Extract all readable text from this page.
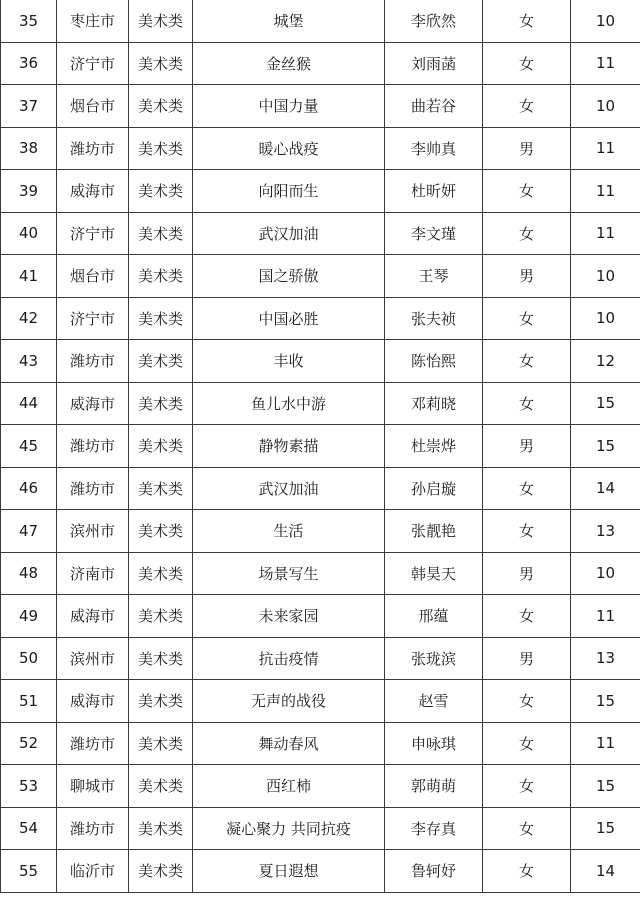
35	枣庄市	美术类	城堡	李欣然	女	10
36	济宁市	美术类	金丝猴	刘雨菡	女	11
37	烟台市	美术类	中国力量	曲若谷	女	10
38	潍坊市	美术类	暖心战疫	李帅真	男	11
39	威海市	美术类	向阳而生	杜昕妍	女	11
40	济宁市	美术类	武汉加油	李文瑾	女	11
41	烟台市	美术类	国之骄傲	王琴	男	10
42	济宁市	美术类	中国必胜	张夫祯	女	10
43	潍坊市	美术类	丰收	陈怡熙	女	12
44	威海市	美术类	鱼儿水中游	邓莉晓	女	15
45	潍坊市	美术类	静物素描	杜崇烨	男	15
46	潍坊市	美术类	武汉加油	孙启璇	女	14
47	滨州市	美术类	生活	张靓艳	女	13
48	济南市	美术类	场景写生	韩昊天	男	10
49	威海市	美术类	未来家园	邢蕴	女	11
50	滨州市	美术类	抗击疫情	张珑滨	男	13
51	威海市	美术类	无声的战役	赵雪	女	15
52	潍坊市	美术类	舞动春风	申咏琪	女	11
53	聊城市	美术类	西红柿	郭萌萌	女	15
54	潍坊市	美术类	凝心聚力 共同抗疫	李存真	女	15
55	临沂市	美术类	夏日遐想	鲁轲妤	女	14
